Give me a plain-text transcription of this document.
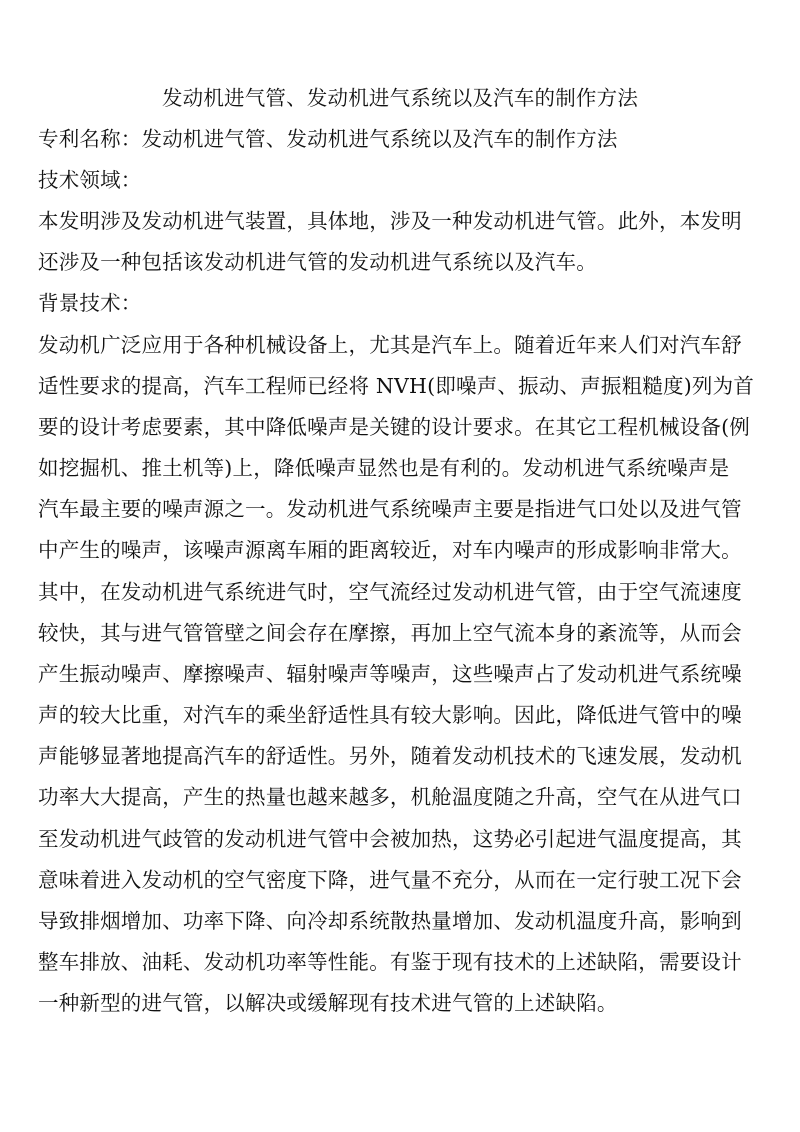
发动机进气管、发动机进气系统以及汽车的制作方法
专利名称：发动机进气管、发动机进气系统以及汽车的制作方法
技术领域：
本发明涉及发动机进气装置，具体地，涉及一种发动机进气管。此外，本发明
还涉及一种包括该发动机进气管的发动机进气系统以及汽车。
背景技术：
发动机广泛应用于各种机械设备上，尤其是汽车上。随着近年来人们对汽车舒
适性要求的提高，汽车工程师已经将 NVH(即噪声、振动、声振粗糙度)列为首
要的设计考虑要素，其中降低噪声是关键的设计要求。在其它工程机械设备(例
如挖掘机、推土机等)上，降低噪声显然也是有利的。发动机进气系统噪声是
汽车最主要的噪声源之一。发动机进气系统噪声主要是指进气口处以及进气管
中产生的噪声，该噪声源离车厢的距离较近，对车内噪声的形成影响非常大。
其中，在发动机进气系统进气时，空气流经过发动机进气管，由于空气流速度
较快，其与进气管管壁之间会存在摩擦，再加上空气流本身的紊流等，从而会
产生振动噪声、摩擦噪声、辐射噪声等噪声，这些噪声占了发动机进气系统噪
声的较大比重，对汽车的乘坐舒适性具有较大影响。因此，降低进气管中的噪
声能够显著地提高汽车的舒适性。另外，随着发动机技术的飞速发展，发动机
功率大大提高，产生的热量也越来越多，机舱温度随之升高，空气在从进气口
至发动机进气歧管的发动机进气管中会被加热，这势必引起进气温度提高，其
意味着进入发动机的空气密度下降，进气量不充分，从而在一定行驶工况下会
导致排烟增加、功率下降、向冷却系统散热量增加、发动机温度升高，影响到
整车排放、油耗、发动机功率等性能。有鉴于现有技术的上述缺陷，需要设计
一种新型的进气管，以解决或缓解现有技术进气管的上述缺陷。
